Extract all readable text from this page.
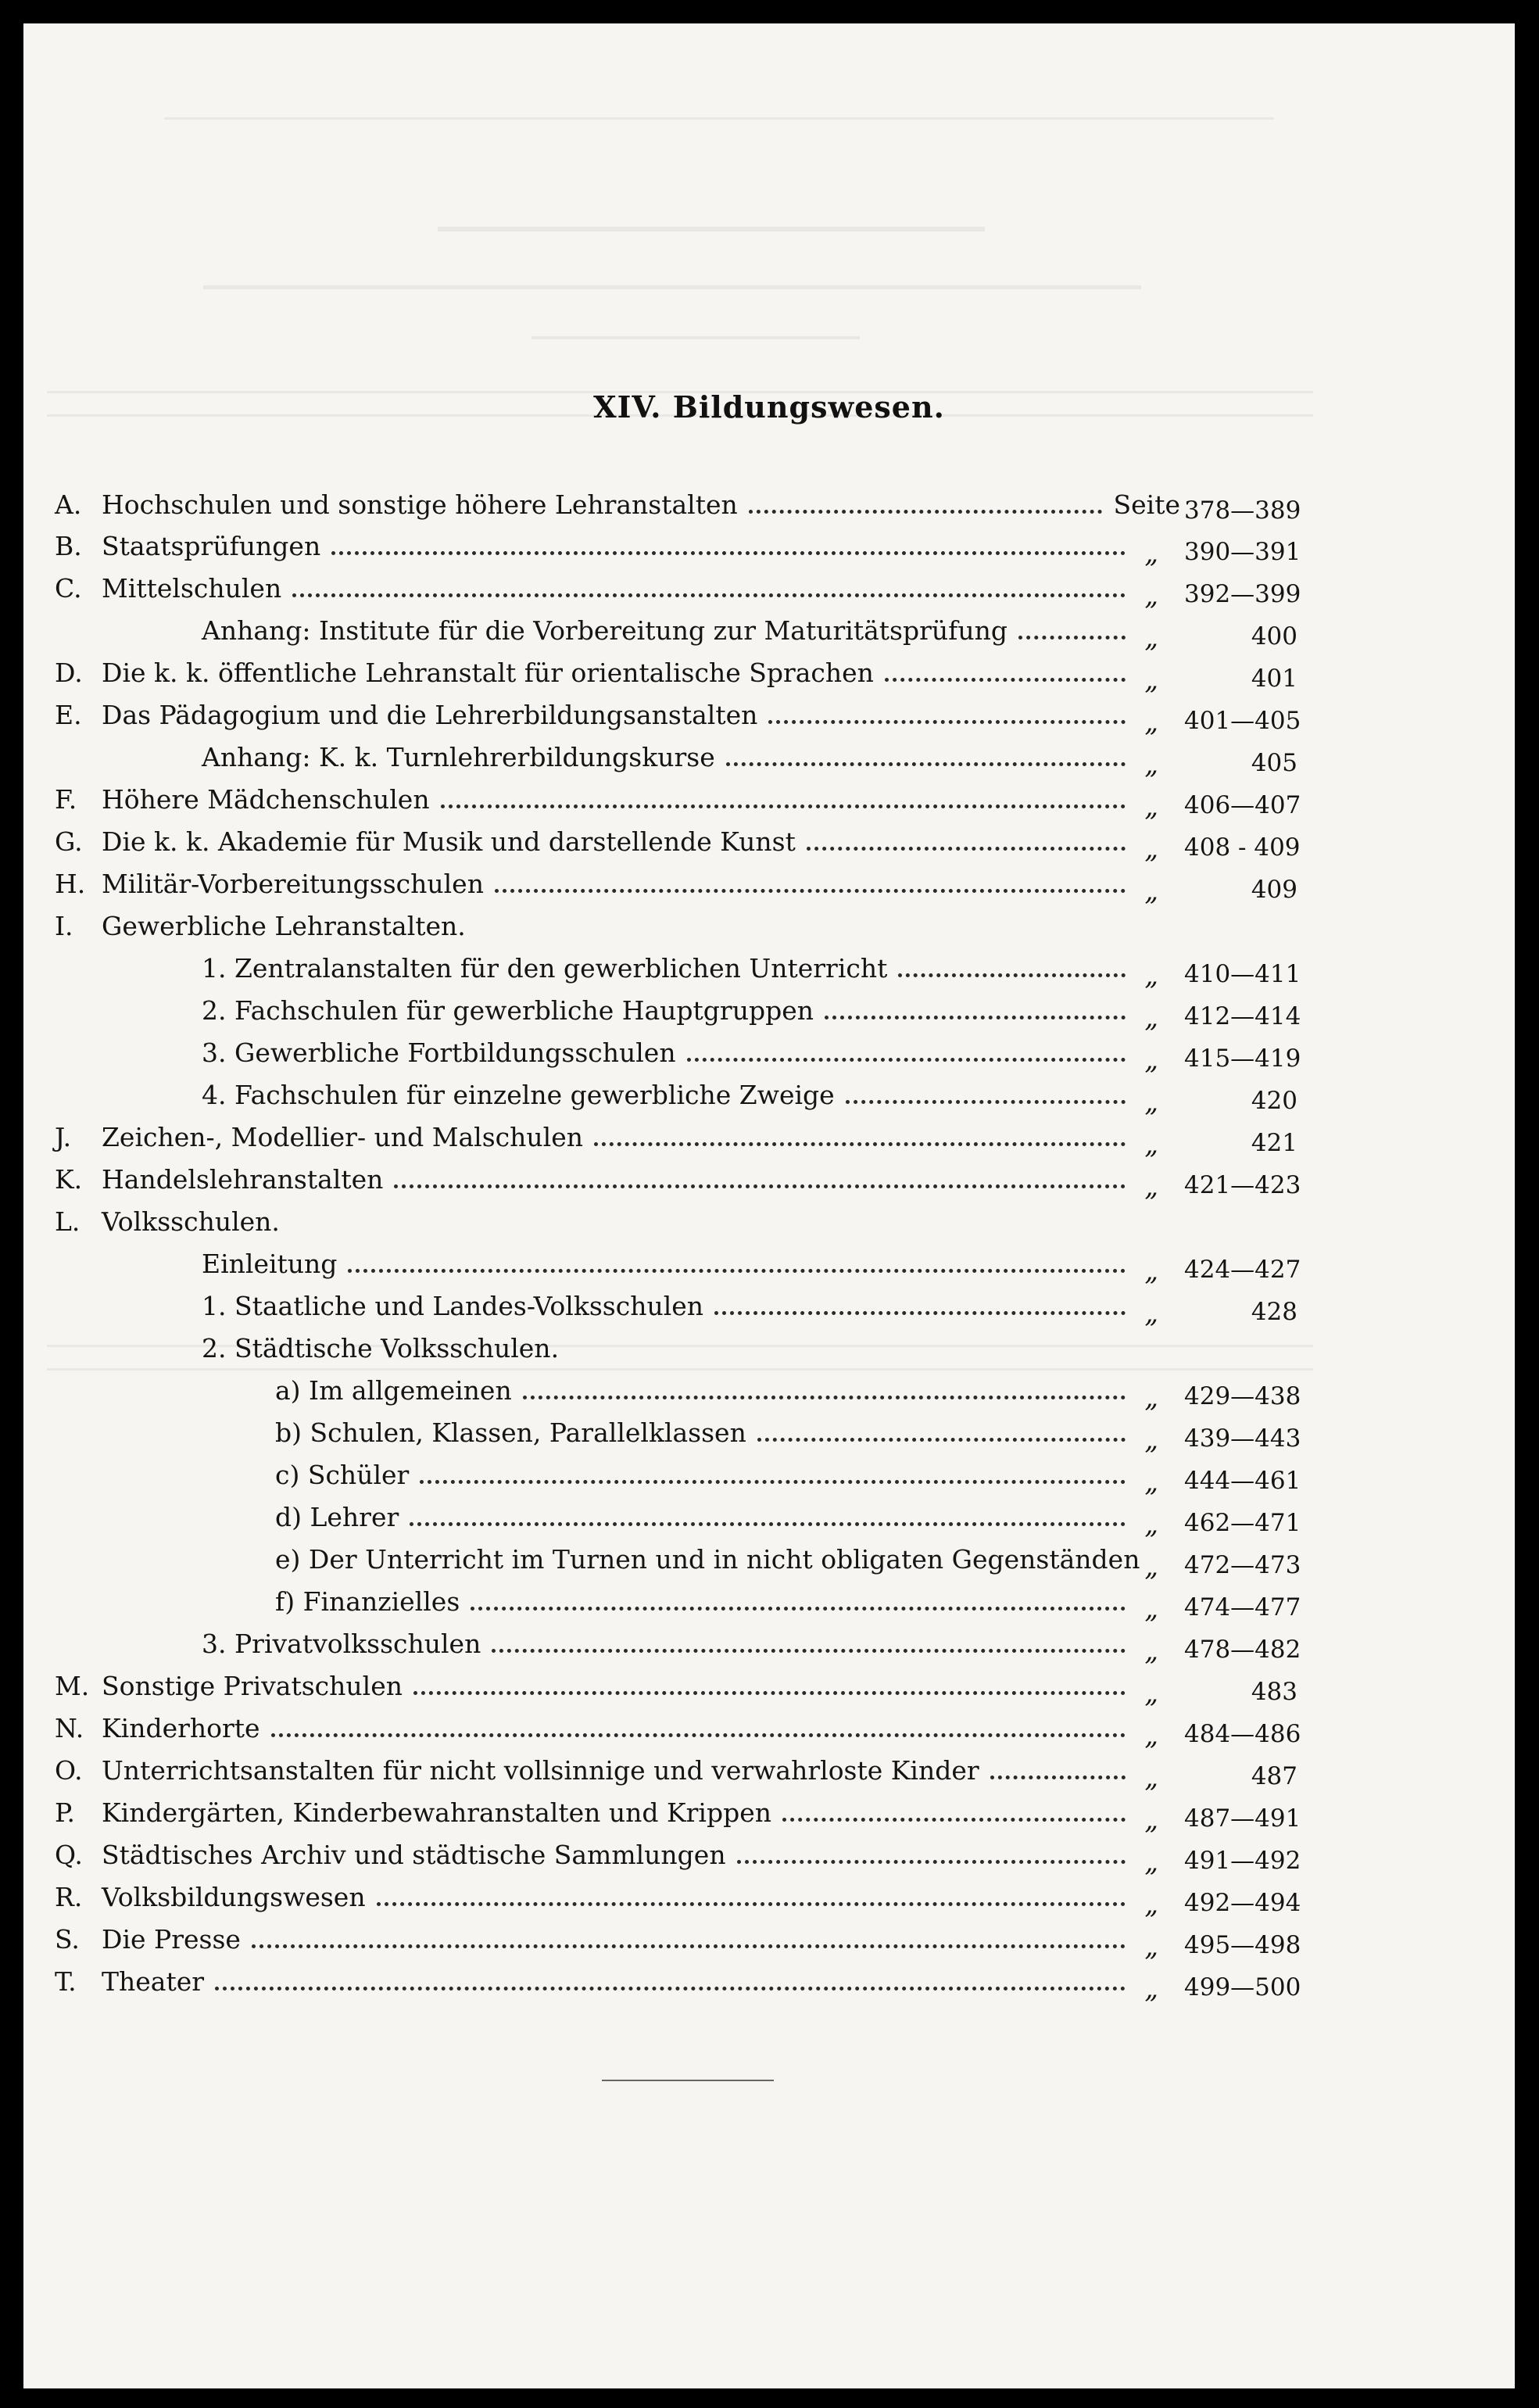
XIV. Bildungswesen.
A. Hochschulen und sonstige höhere Lehranstalten	Seite 378—389
B. Staatsprüfungen	„ 390—391
C. Mittelschulen	„ 392—399
Anhang: Institute für die Vorbereitung zur Maturitätsprüfung	„	400
D. Die k. k. öffentliche Lehranstalt für orientalische Sprachen	„	401
E. Das Pädagogium und die Lehrerbildungsanstalten	„ 401—405
Anhang: K. k. Turnlehrerbildungskurse	„	405
F. Höhere Mädchenschulen	„ 406—407
G. Die k. k. Akademie für Musik und darstellende Kunst	„ 408 - 409
H. Militär-Vorbereitungsschulen	„	409
I.	Gewerbliche Lehranstalten.
1. Zentralanstalten für den gewerblichen Unterricht	„ 410—411
2. Fachschulen für gewerbliche Hauptgruppen	„ 412—414
3. Gewerbliche Fortbildungsschulen	„ 415—419
4. Fachschulen für einzelne gewerbliche Zweige	„	420
J.	Zeichen-, Modellier- und Malschulen	„	421
K. Handelslehranstalten	„ 421—423
L. Volksschulen.
Einleitung	„ 424—427
1. Staatliche und Landes-Volksschulen	„	428
2. Städtische Volksschulen.
a) Im allgemeinen	„ 429—438
b) Schulen, Klassen, Parallelklassen	„ 439—443
c) Schüler	„ 444—461
d) Lehrer	„ 462—471
e) Der Unterricht im Turnen und in nicht obligaten Gegenständen „ 472—473
f) Finanzielles	„ 474—477
3. Privatvolksschulen	„ 478—482
M. Sonstige Privatschulen	„	483
N. Kinderhorte	„ 484—486
O. Unterrichtsanstalten für nicht vollsinnige und verwahrloste Kinder	„	487
P.	Kindergärten, Kinderbewahranstalten und Krippen	„ 487—491
Q. Städtisches Archiv und städtische Sammlungen	„ 491—492
R. Volksbildungswesen	„ 492—494
S. Die Presse	„ 495—498
T. Theater	„ 499—500
